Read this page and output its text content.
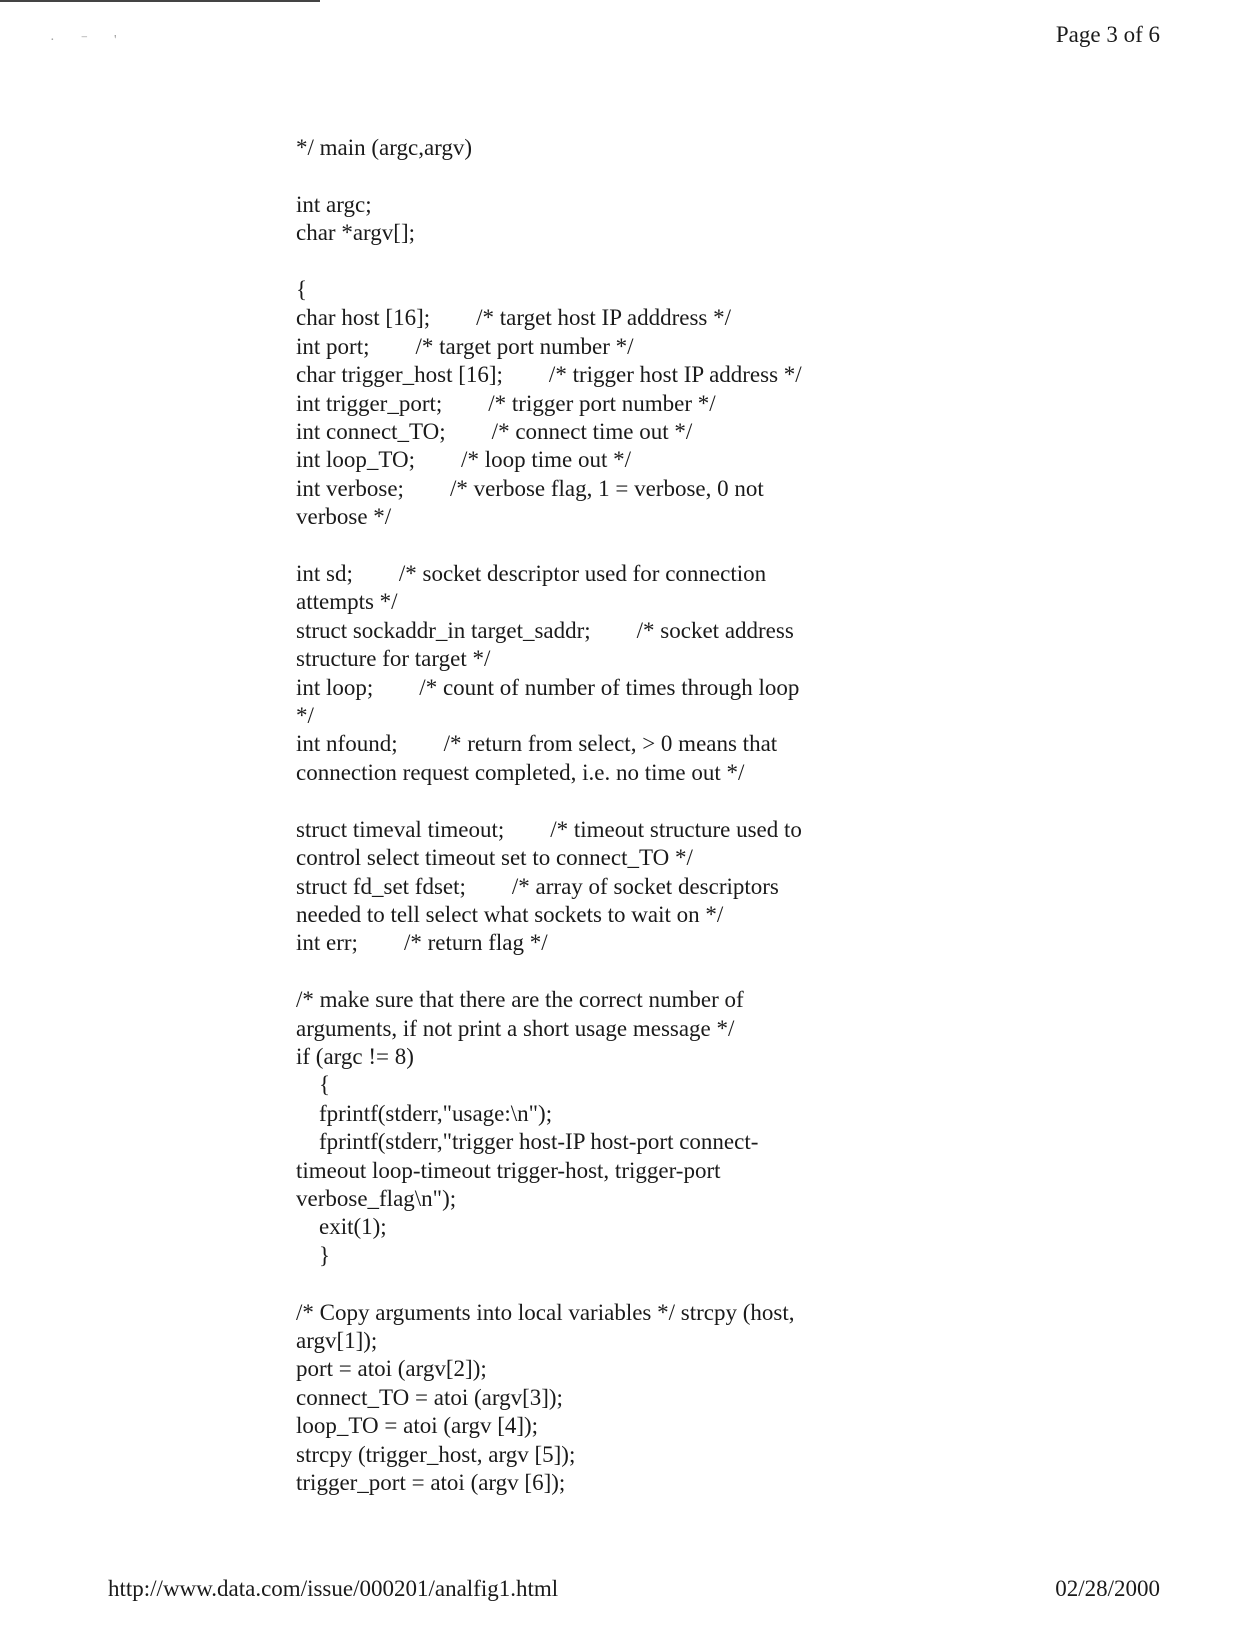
·⁻'	Page 3 of 6
*/ main (argc,argv)
int argc;
char *argv[];
{
char host [16];        /* target host IP adddress */
int port;        /* target port number */
char trigger_host [16];        /* trigger host IP address */
int trigger_port;        /* trigger port number */
int connect_TO;        /* connect time out */
int loop_TO;        /* loop time out */
int verbose;        /* verbose flag, 1 = verbose, 0 not
verbose */
int sd;        /* socket descriptor used for connection
attempts */
struct sockaddr_in target_saddr;        /* socket address
structure for target */
int loop;        /* count of number of times through loop
*/
int nfound;        /* return from select, > 0 means that
connection request completed, i.e. no time out */
struct timeval timeout;        /* timeout structure used to
control select timeout set to connect_TO */
struct fd_set fdset;        /* array of socket descriptors
needed to tell select what sockets to wait on */
int err;        /* return flag */
/* make sure that there are the correct number of
arguments, if not print a short usage message */
if (argc != 8)
{
fprintf(stderr,"usage:\n");
fprintf(stderr,"trigger host-IP host-port connect-
timeout loop-timeout trigger-host, trigger-port
verbose_flag\n");
exit(1);
}
/* Copy arguments into local variables */ strcpy (host,
argv[1]);
port = atoi (argv[2]);
connect_TO = atoi (argv[3]);
loop_TO = atoi (argv [4]);
strcpy (trigger_host, argv [5]);
trigger_port = atoi (argv [6]);
http://www.data.com/issue/000201/analfig1.html	02/28/2000
